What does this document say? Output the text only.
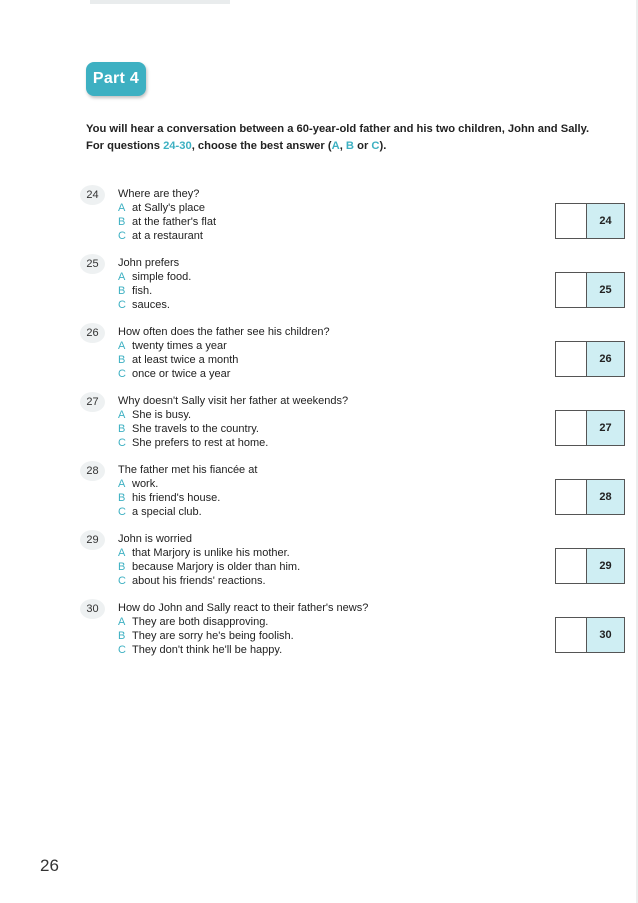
Part 4
You will hear a conversation between a 60-year-old father and his two children, John and Sally.
For questions 24-30, choose the best answer (A, B or C).
24	Where are they?
A at Sally's place
B at the father's flat
C at a restaurant
24
25	John prefers
A simple food.
B fish.
C sauces.
25
26	How often does the father see his children?
A twenty times a year
B at least twice a month
C once or twice a year
26
27	Why doesn't Sally visit her father at weekends?
A She is busy.
B She travels to the country.
C She prefers to rest at home.
27
28	The father met his fiancée at
A work.
B his friend's house.
C a special club.
28
29	John is worried
A that Marjory is unlike his mother.
B because Marjory is older than him.
C about his friends' reactions.
29
30	How do John and Sally react to their father's news?
A They are both disapproving.
B They are sorry he's being foolish.
C They don't think he'll be happy.
30
26
